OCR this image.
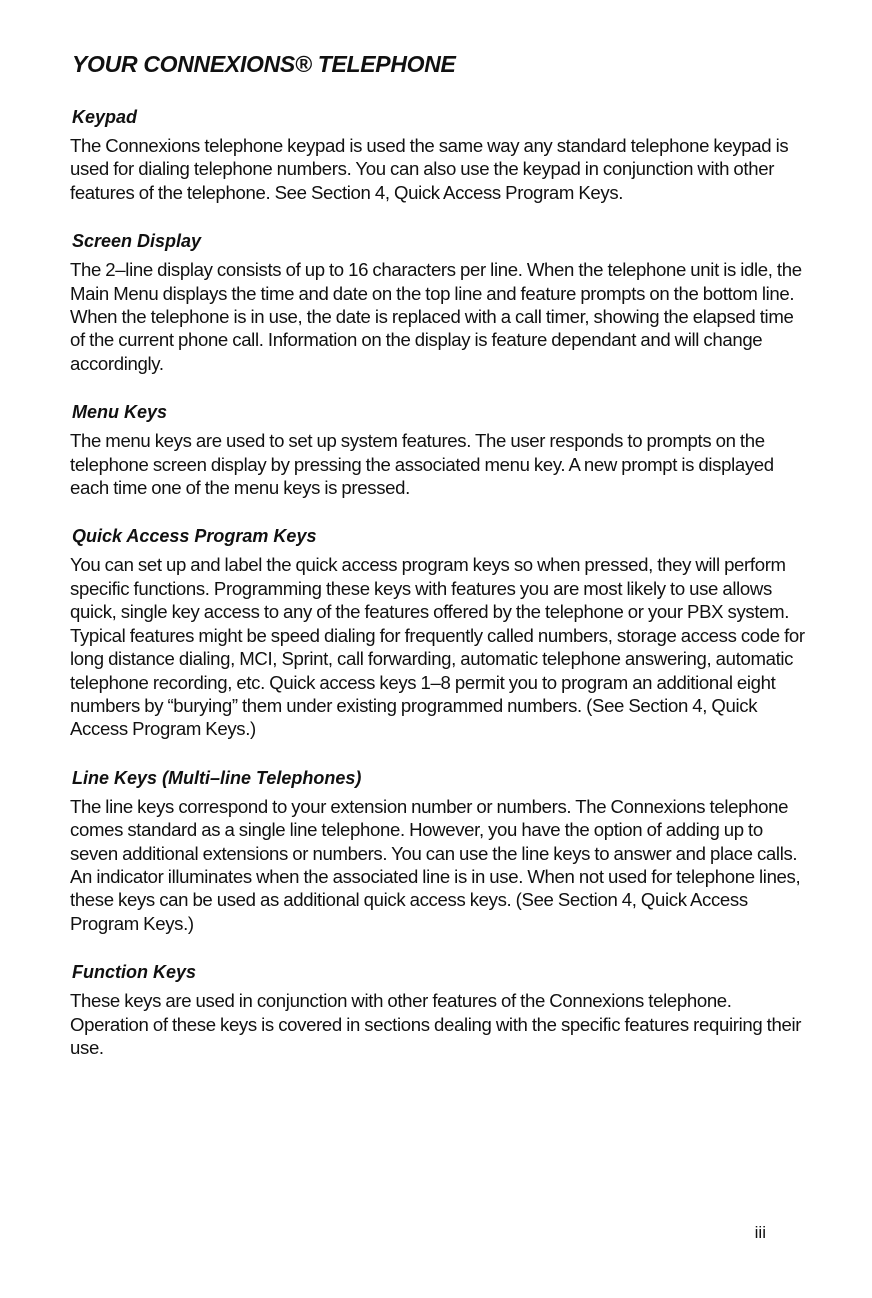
YOUR CONNEXIONS® TELEPHONE
Keypad

The Connexions telephone keypad is used the same way any standard telephone keypad is used for dialing telephone numbers. You can also use the keypad in conjunction with other features of the telephone. See Section 4, Quick Access Program Keys.

Screen Display

The 2–line display consists of up to 16 characters per line. When the telephone unit is idle, the Main Menu displays the time and date on the top line and feature prompts on the bottom line. When the telephone is in use, the date is replaced with a call timer, showing the elapsed time of the current phone call. Information on the display is feature dependant and will change accordingly.

Menu Keys

The menu keys are used to set up system features. The user responds to prompts on the telephone screen display by pressing the associated menu key. A new prompt is displayed each time one of the menu keys is pressed.

Quick Access Program Keys

You can set up and label the quick access program keys so when pressed, they will perform specific functions. Programming these keys with features you are most likely to use allows quick, single key access to any of the features offered by the telephone or your PBX system. Typical features might be speed dialing for frequently called numbers, storage access code for long distance dialing, MCI, Sprint, call forwarding, automatic telephone answering, automatic telephone recording, etc. Quick access keys 1–8 permit you to program an additional eight numbers by “burying” them under existing programmed numbers. (See Section 4, Quick Access Program Keys.)

Line Keys (Multi–line Telephones)

The line keys correspond to your extension number or numbers. The Connexions telephone comes standard as a single line telephone. However, you have the option of adding up to seven additional extensions or numbers. You can use the line keys to answer and place calls. An indicator illuminates when the associated line is in use. When not used for telephone lines, these keys can be used as additional quick access keys. (See Section 4, Quick Access Program Keys.)

Function Keys

These keys are used in conjunction with other features of the Connexions telephone. Operation of these keys is covered in sections dealing with the specific features requiring their use.

iii
